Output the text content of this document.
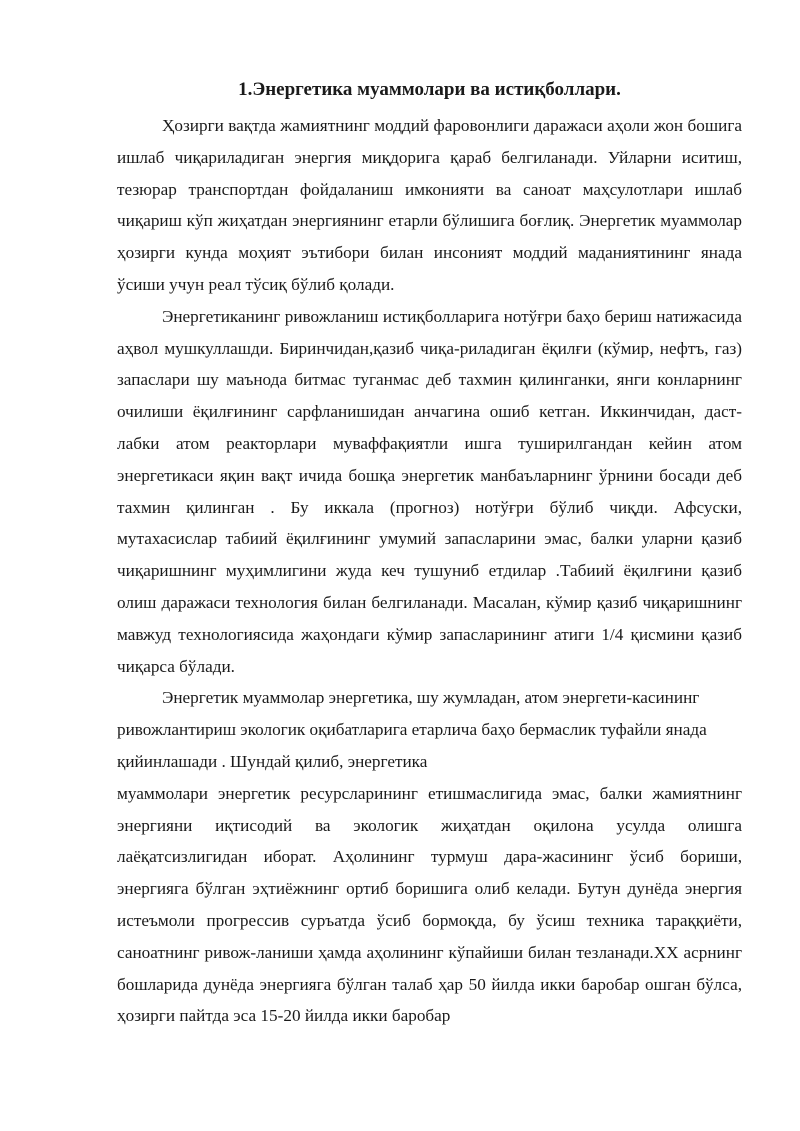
1.Энергетика муаммолари ва истиқболлари.

Ҳозирги вақтда жамиятнинг моддий фаровонлиги даражаси аҳоли жон бошига ишлаб чиқариладиган энергия миқдорига қараб белгиланади. Уйларни иситиш, тезюрар транспортдан фойдаланиш имконияти ва саноат маҳсулотлари ишлаб чиқариш кўп жиҳатдан энергиянинг етарли бўлишига боғлиқ. Энергетик муаммолар ҳозирги кунда моҳият эътибори билан инсоният моддий маданиятининг янада ўсиши учун реал тўсиқ бўлиб қолади.

Энергетиканинг ривожланиш истиқболларига нотўғри баҳо бериш натижасида аҳвол мушкуллашди. Биринчидан,қазиб чиқа-риладиган ёқилғи (кўмир, нефтъ, газ) запаслари шу маънода битмас туганмас деб тахмин қилинганки, янги конларнинг очилиши ёқилғининг сарфланишидан анчагина ошиб кетган. Иккинчидан, даст-лабки атом реакторлари муваффақиятли ишга туширилгандан кейин атом энергетикаси яқин вақт ичида бошқа энергетик манбаъларнинг ўрнини босади деб тахмин қилинган . Бу иккала (прогноз) нотўғри бўлиб чиқди. Афсуски, мутахасислар табиий ёқилғининг умумий запасларини эмас, балки уларни қазиб чиқаришнинг муҳимлигини жуда кеч тушуниб етдилар .Табиий ёқилғини қазиб олиш даражаси технология билан белгиланади. Масалан, кўмир қазиб чиқаришнинг мавжуд технологиясида жаҳондаги кўмир запасларининг атиги 1/4 қисмини қазиб чиқарса бўлади.

Энергетик муаммолар энергетика, шу жумладан, атом энергети-касининг ривожлантириш экологик оқибатларига етарлича баҳо бермаслик туфайли янада қийинлашади . Шундай қилиб, энергетика

муаммолари энергетик ресурсларининг етишмаслигида эмас, балки жамиятнинг энергияни иқтисодий ва экологик жиҳатдан оқилона усулда олишга лаёқатсизлигидан иборат. Аҳолининг турмуш дара-жасининг ўсиб бориши, энергияга бўлган эҳтиёжнинг ортиб боришига олиб келади. Бутун дунёда энергия истеъмоли прогрессив суръатда ўсиб бормоқда, бу ўсиш техника тараққиёти, саноатнинг ривож-ланиши ҳамда аҳолининг кўпайиши билан тезланади.XX асрнинг бошларида дунёда энергияга бўлган талаб ҳар 50 йилда икки баробар ошган бўлса, ҳозирги пайтда эса 15-20 йилда икки баробар
